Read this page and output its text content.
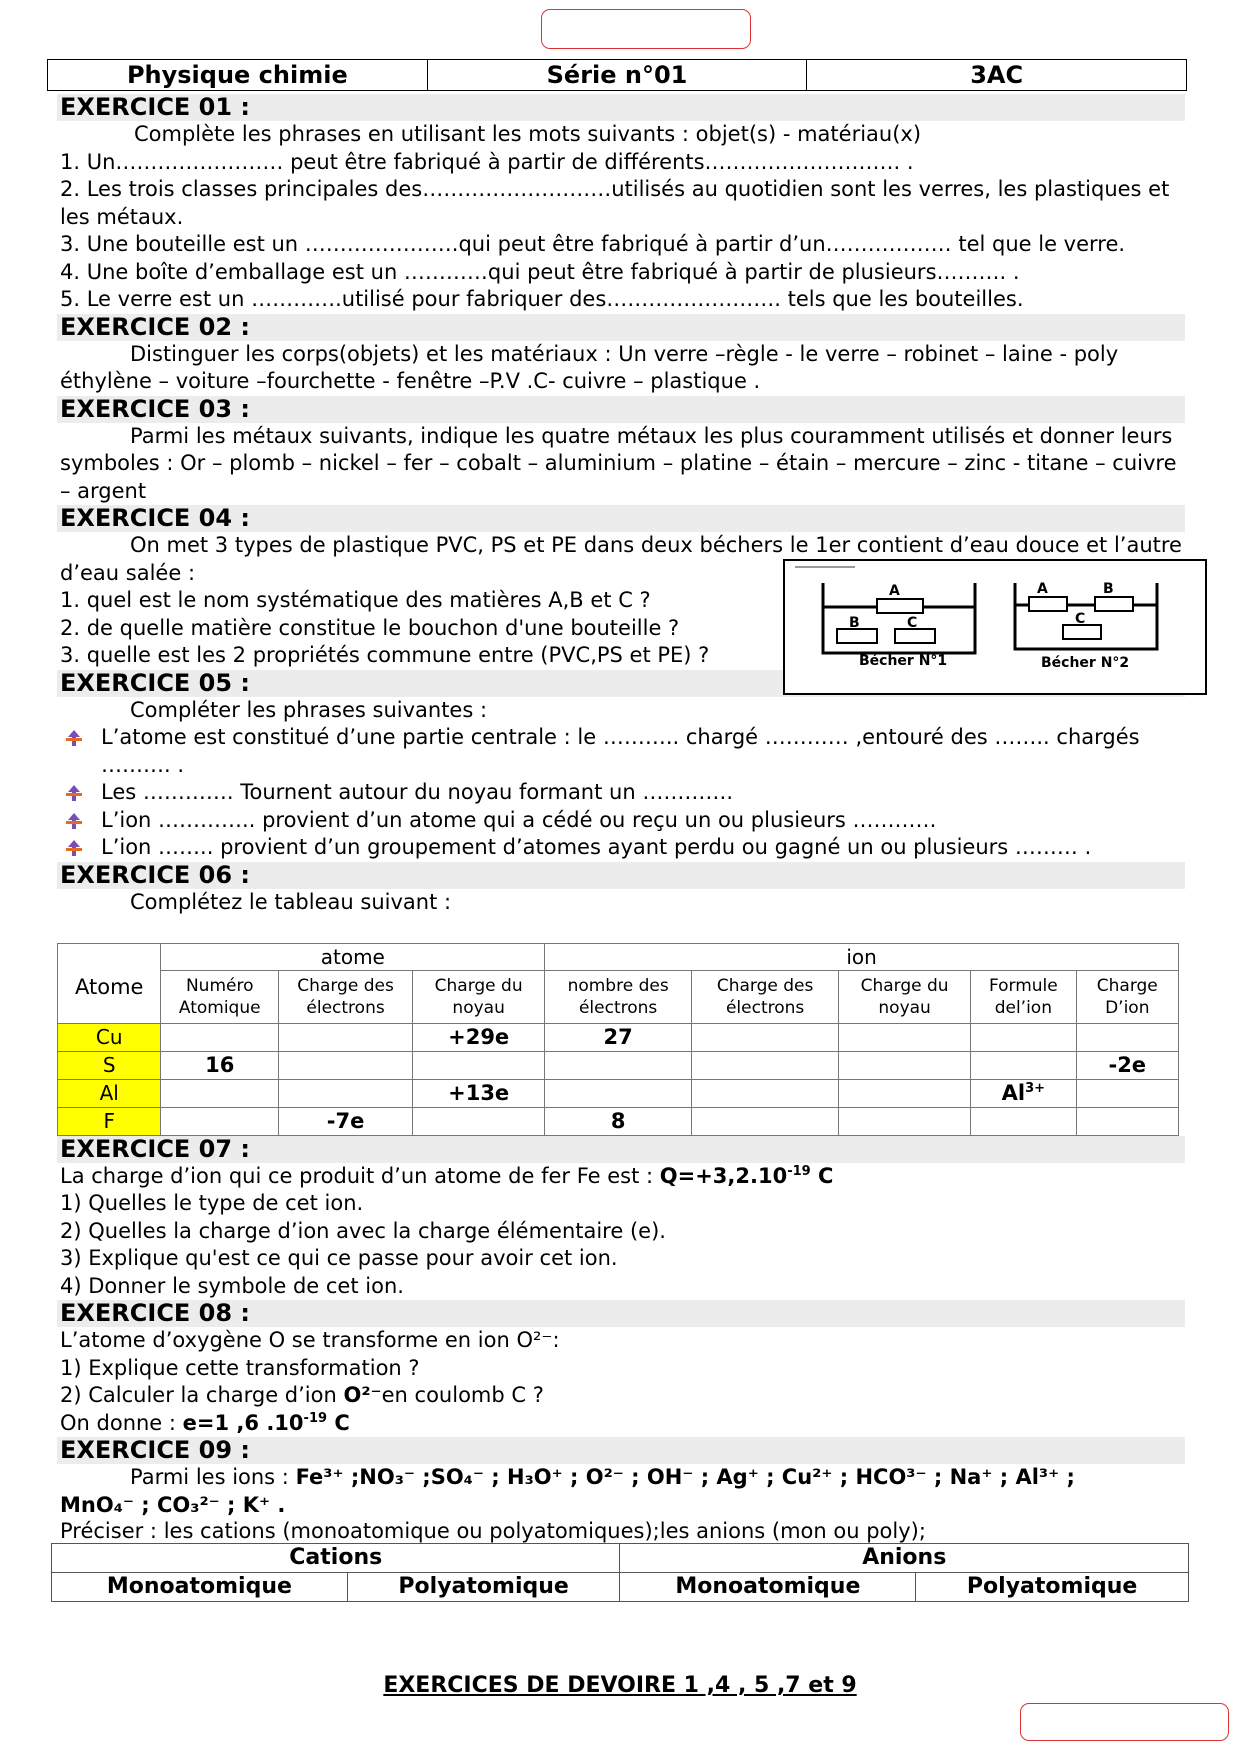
Physique chimie	Série n°01	3AC
EXERCICE 01 :
Complète les phrases en utilisant les mots suivants : objet(s) - matériau(x)
1. Un…………………… peut être fabriqué à partir de différents………………………. .
2. Les trois classes principales des………………………utilisés au quotidien sont les verres, les plastiques et les métaux.
3. Une bouteille est un ………………….qui peut être fabriqué à partir d’un……………… tel que le verre.
4. Une boîte d’emballage est un …………qui peut être fabriqué à partir de plusieurs………. .
5. Le verre est un ………….utilisé pour fabriquer des……………………. tels que les bouteilles.
EXERCICE 02 :
Distinguer les corps(objets) et les matériaux : Un verre –règle - le verre – robinet – laine - poly éthylène – voiture –fourchette - fenêtre –P.V .C- cuivre – plastique .
EXERCICE 03 :
Parmi les métaux suivants, indique les quatre métaux les plus couramment utilisés et donner leurs symboles : Or – plomb – nickel – fer – cobalt – aluminium – platine – étain – mercure – zinc - titane – cuivre – argent
EXERCICE 04 :
On met 3 types de plastique PVC, PS et PE dans deux béchers le 1er contient d’eau douce et l’autre d’eau salée :
1. quel est le nom systématique des matières A,B et C ?
2. de quelle matière constitue le bouchon d'une bouteille ?
3. quelle est les 2 propriétés commune entre (PVC,PS et PE) ?
A
B	C
Bécher N°1
A	B
C
Bécher N°2
EXERCICE 05 :
Compléter les phrases suivantes :
L’atome est constitué d’une partie centrale : le ……….. chargé ………… ,entouré des …….. chargés ………. .
Les …………. Tournent autour du noyau formant un ………….
L’ion ………….. provient d’un atome qui a cédé ou reçu un ou plusieurs …………
L’ion …….. provient d’un groupement d’atomes ayant perdu ou gagné un ou plusieurs ……… .
EXERCICE 06 :
Complétez le tableau suivant :
	atome			ion				
Atome	Numéro Atomique	Charge des électrons	Charge du noyau	nombre des électrons	Charge des électrons	Charge du noyau	Formule del’ion	Charge D’ion
Cu			+29e	27				
S	16							-2e
Al			+13e				$Al^{3+}$	
F		-7e		8				
EXERCICE 07 :
La charge d’ion qui ce produit d’un atome de fer Fe est : $Q=+3,2.10^{-19}$ C
1) Quelles le type de cet ion.
2) Quelles la charge d’ion avec la charge élémentaire (e).
3) Explique qu'est ce qui ce passe pour avoir cet ion.
4) Donner le symbole de cet ion.
EXERCICE 08 :
L’atome d’oxygène O se transforme en ion O²⁻:
1) Explique cette transformation ?
2) Calculer la charge d’ion O²⁻en coulomb C ?
On donne : e=1 ,6 $.10^{-19}$ C
EXERCICE 09 :
Parmi les ions : Fe³⁺ ;NO₃⁻ ;SO₄⁻ ; H₃O⁺ ; O²⁻ ; OH⁻ ; Ag⁺ ; Cu²⁺ ; HCO³⁻ ; Na⁺ ; Al³⁺ ;
MnO₄⁻ ; CO₃²⁻ ; K⁺ .
Préciser : les cations (monoatomique ou polyatomiques);les anions (mon ou poly);
Cations		Anions	
Monoatomique	Polyatomique	Monoatomique	Polyatomique
EXERCICES DE DEVOIRE 1 ,4 , 5 ,7 et 9
